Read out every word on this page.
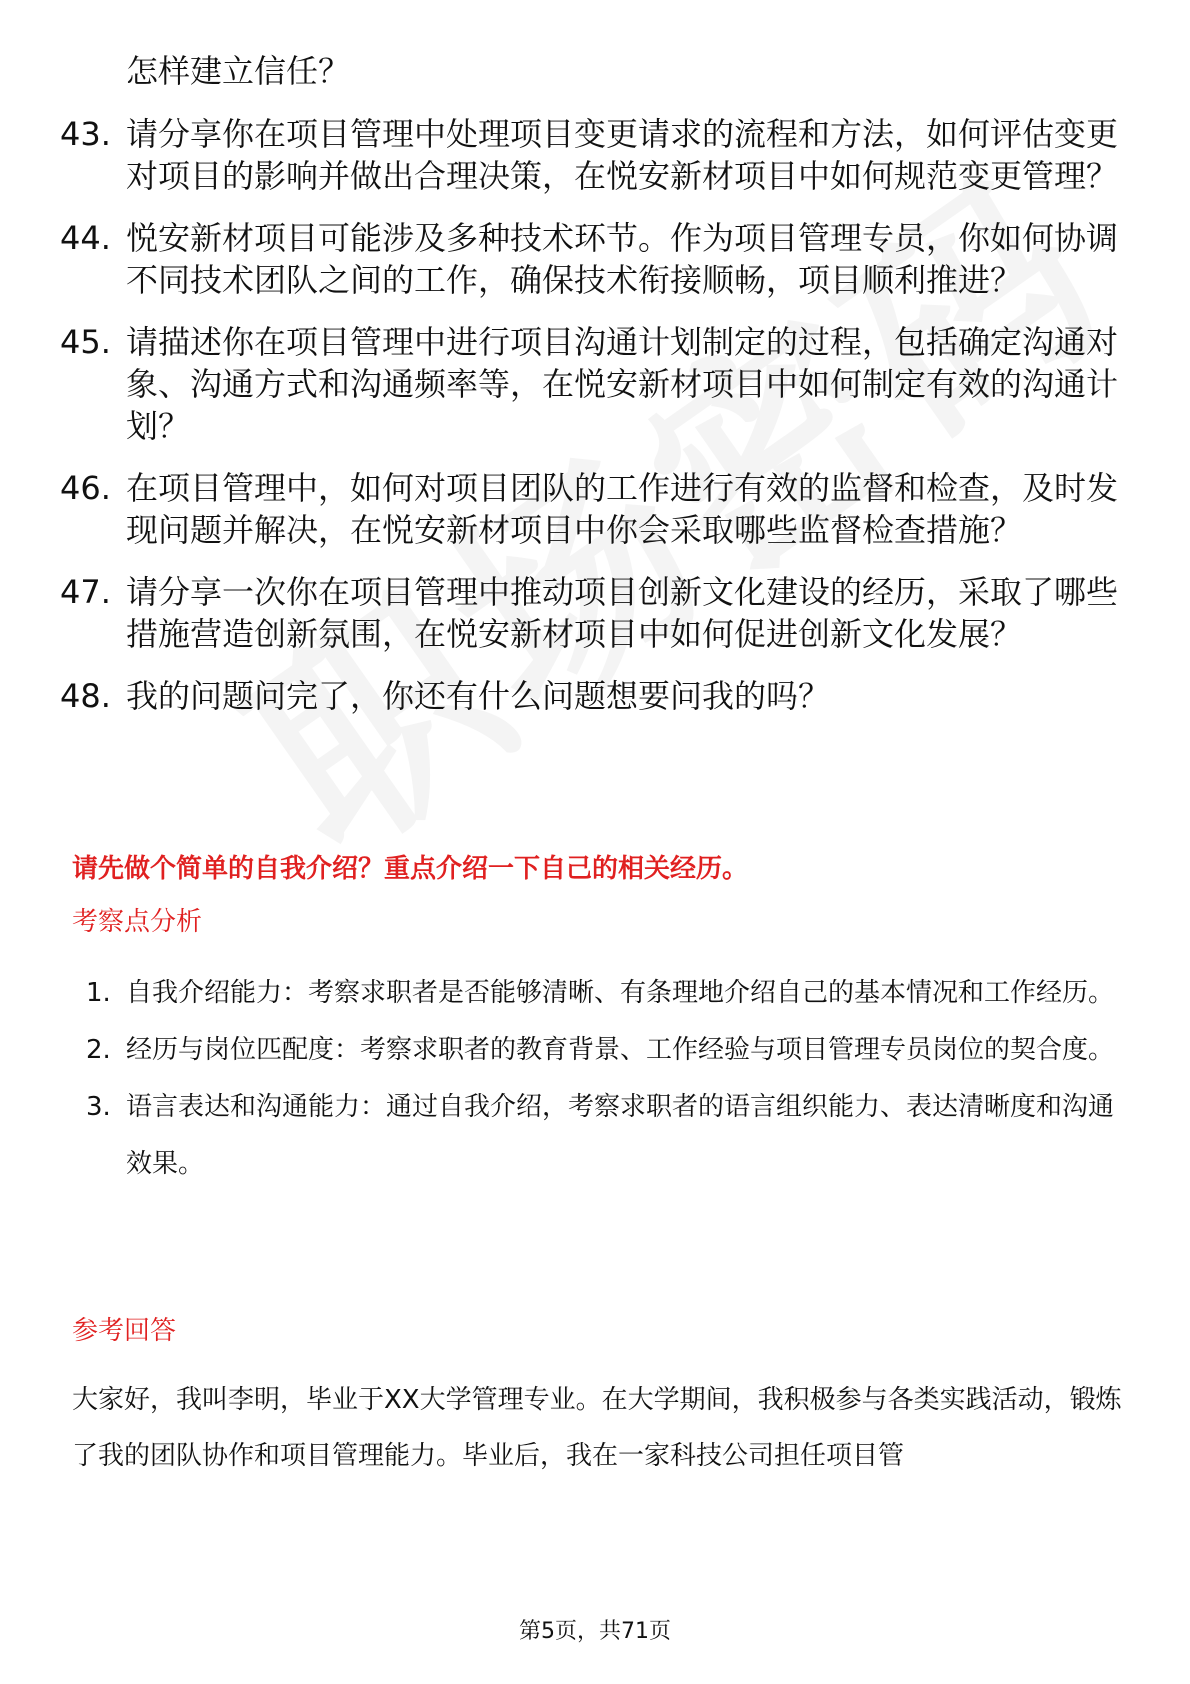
怎样建立信任？
43. 请分享你在项目管理中处理项目变更请求的流程和方法，如何评估变更对项目的影响并做出合理决策，在悦安新材项目中如何规范变更管理？
44. 悦安新材项目可能涉及多种技术环节。作为项目管理专员，你如何协调不同技术团队之间的工作，确保技术衔接顺畅，项目顺利推进？
45. 请描述你在项目管理中进行项目沟通计划制定的过程，包括确定沟通对象、沟通方式和沟通频率等，在悦安新材项目中如何制定有效的沟通计划？
46. 在项目管理中，如何对项目团队的工作进行有效的监督和检查，及时发现问题并解决，在悦安新材项目中你会采取哪些监督检查措施？
47. 请分享一次你在项目管理中推动项目创新文化建设的经历，采取了哪些措施营造创新氛围，在悦安新材项目中如何促进创新文化发展？
48. 我的问题问完了，你还有什么问题想要问我的吗？
请先做个简单的自我介绍？重点介绍一下自己的相关经历。
考察点分析
1. 自我介绍能力：考察求职者是否能够清晰、有条理地介绍自己的基本情况和工作经历。
2. 经历与岗位匹配度：考察求职者的教育背景、工作经验与项目管理专员岗位的契合度。
3. 语言表达和沟通能力：通过自我介绍，考察求职者的语言组织能力、表达清晰度和沟通效果。
参考回答

大家好，我叫李明，毕业于XX大学管理专业。在大学期间，我积极参与各类实践活动，锻炼了我的团队协作和项目管理能力。毕业后，我在一家科技公司担任项目管

第5页，共71页
